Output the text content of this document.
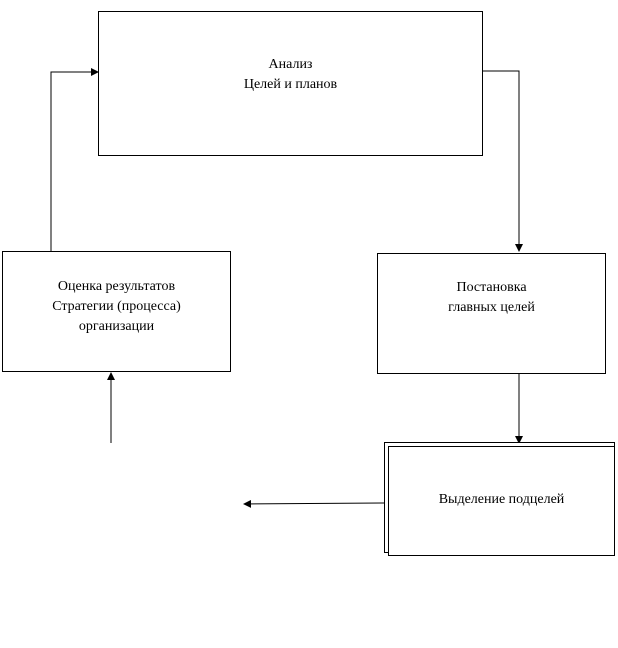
Анализ
Целей и планов
Постановка
главных целей
Оценка результатов
Стратегии (процесса)
организации
Выделение подцелей
